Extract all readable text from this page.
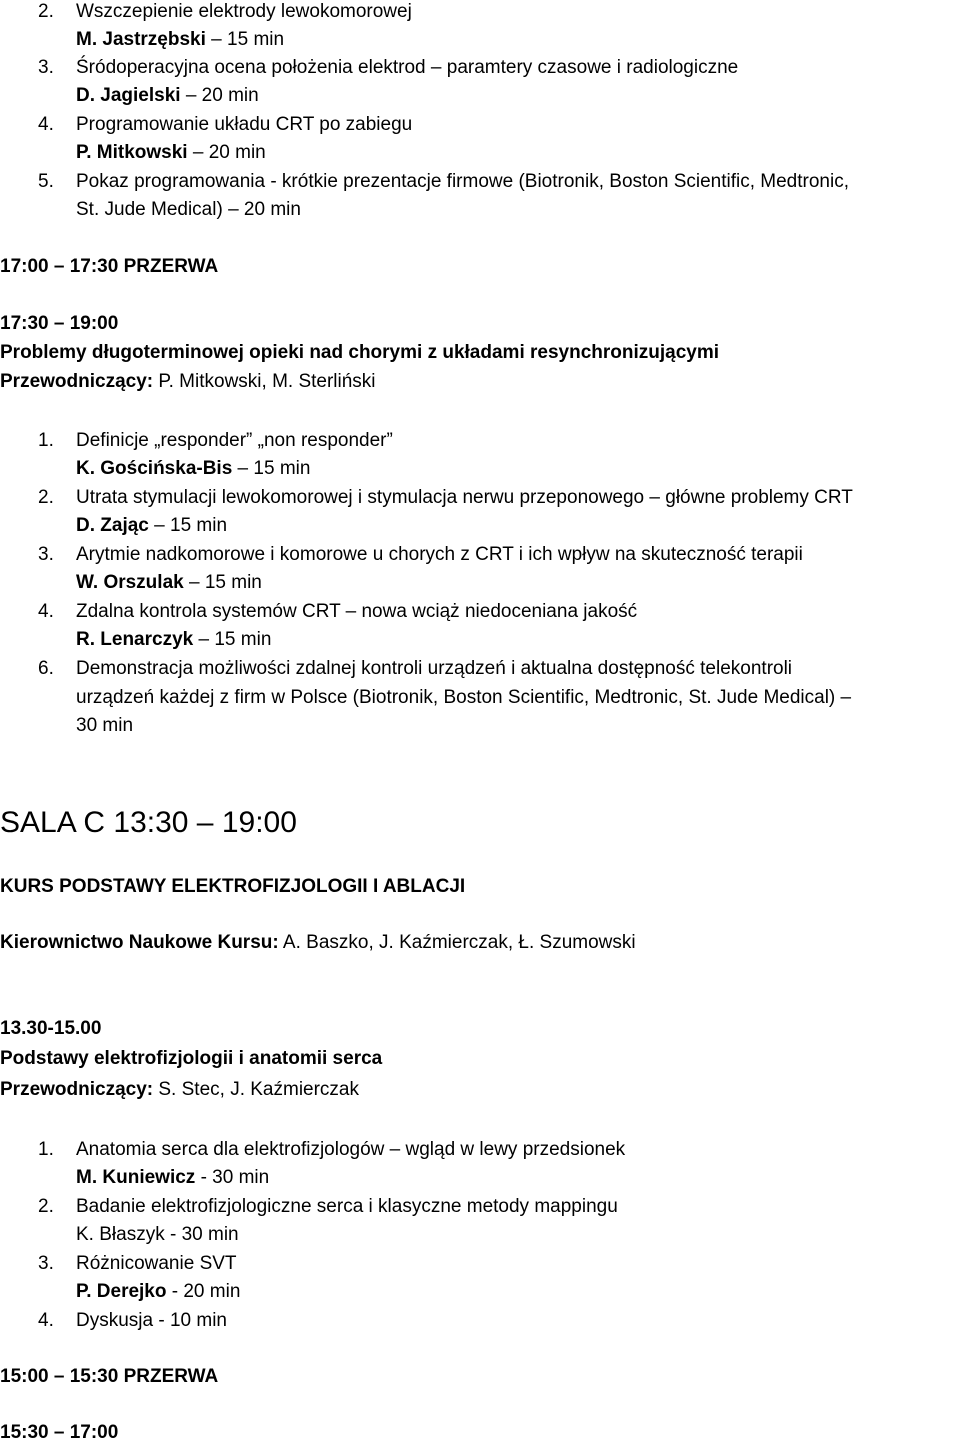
2.	Wszczepienie elektrody lewokomorowej
M. Jastrzębski – 15 min
3.	Śródoperacyjna ocena położenia elektrod – paramtery czasowe i radiologiczne
D. Jagielski – 20 min
4.	Programowanie układu CRT po zabiegu
P. Mitkowski – 20 min
5.	Pokaz programowania - krótkie prezentacje firmowe (Biotronik, Boston Scientific, Medtronic,
St. Jude Medical) – 20 min
17:00 – 17:30 PRZERWA
17:30 – 19:00
Problemy długoterminowej opieki nad chorymi z układami resynchronizującymi
Przewodniczący: P. Mitkowski, M. Sterliński
1.	Definicje „responder” „non responder”
K. Gościńska-Bis – 15 min
2.	Utrata stymulacji lewokomorowej i stymulacja nerwu przeponowego – główne problemy CRT
D. Zając – 15 min
3.	Arytmie nadkomorowe i komorowe u chorych z CRT i ich wpływ na skuteczność terapii
W. Orszulak – 15 min
4.	Zdalna kontrola systemów CRT – nowa wciąż niedoceniana jakość
R. Lenarczyk – 15 min
6.	Demonstracja możliwości zdalnej kontroli urządzeń i aktualna dostępność telekontroli
urządzeń każdej z firm w Polsce (Biotronik, Boston Scientific, Medtronic, St. Jude Medical) –
30 min
SALA C 13:30 – 19:00
KURS PODSTAWY ELEKTROFIZJOLOGII I ABLACJI
Kierownictwo Naukowe Kursu: A. Baszko, J. Kaźmierczak, Ł. Szumowski
13.30-15.00
Podstawy elektrofizjologii i anatomii serca
Przewodniczący: S. Stec, J. Kaźmierczak
1.	Anatomia serca dla elektrofizjologów – wgląd w lewy przedsionek
M. Kuniewicz - 30 min
2.	Badanie elektrofizjologiczne serca i klasyczne metody mappingu
K. Błaszyk - 30 min
3.	Różnicowanie SVT
P. Derejko - 20 min
4.	Dyskusja - 10 min
15:00 – 15:30 PRZERWA
15:30 – 17:00
